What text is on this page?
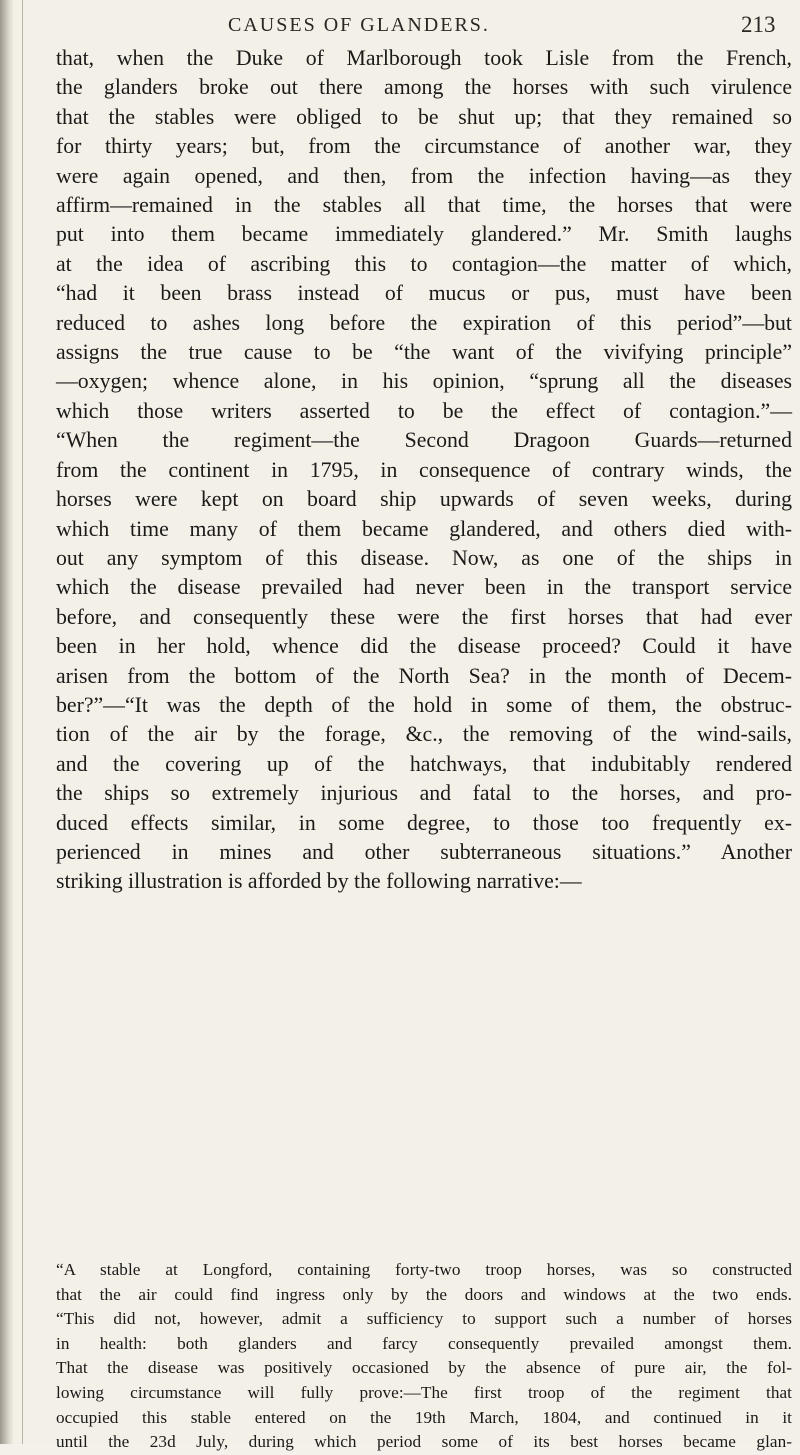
CAUSES OF GLANDERS.	213
that, when the Duke of Marlborough took Lisle from the French,
the glanders broke out there among the horses with such virulence
that the stables were obliged to be shut up; that they remained so
for thirty years; but, from the circumstance of another war, they
were again opened, and then, from the infection having—as they
affirm—remained in the stables all that time, the horses that were
put into them became immediately glandered.” Mr. Smith laughs
at the idea of ascribing this to contagion—the matter of which,
“had it been brass instead of mucus or pus, must have been
reduced to ashes long before the expiration of this period”—but
assigns the true cause to be “the want of the vivifying principle”
—oxygen; whence alone, in his opinion, “sprung all the diseases
which those writers asserted to be the effect of contagion.”—
“When the regiment—the Second Dragoon Guards—returned
from the continent in 1795, in consequence of contrary winds, the
horses were kept on board ship upwards of seven weeks, during
which time many of them became glandered, and others died with-
out any symptom of this disease. Now, as one of the ships in
which the disease prevailed had never been in the transport service
before, and consequently these were the first horses that had ever
been in her hold, whence did the disease proceed? Could it have
arisen from the bottom of the North Sea? in the month of Decem-
ber?”—“It was the depth of the hold in some of them, the obstruc-
tion of the air by the forage, &c., the removing of the wind-sails,
and the covering up of the hatchways, that indubitably rendered
the ships so extremely injurious and fatal to the horses, and pro-
duced effects similar, in some degree, to those too frequently ex-
perienced in mines and other subterraneous situations.” Another
striking illustration is afforded by the following narrative:—
“A stable at Longford, containing forty-two troop horses, was so constructed
that the air could find ingress only by the doors and windows at the two ends.
“This did not, however, admit a sufficiency to support such a number of horses
in health: both glanders and farcy consequently prevailed amongst them.
That the disease was positively occasioned by the absence of pure air, the fol-
lowing circumstance will fully prove:—The first troop of the regiment that
occupied this stable entered on the 19th March, 1804, and continued in it
until the 23d July, during which period some of its best horses became glan-
